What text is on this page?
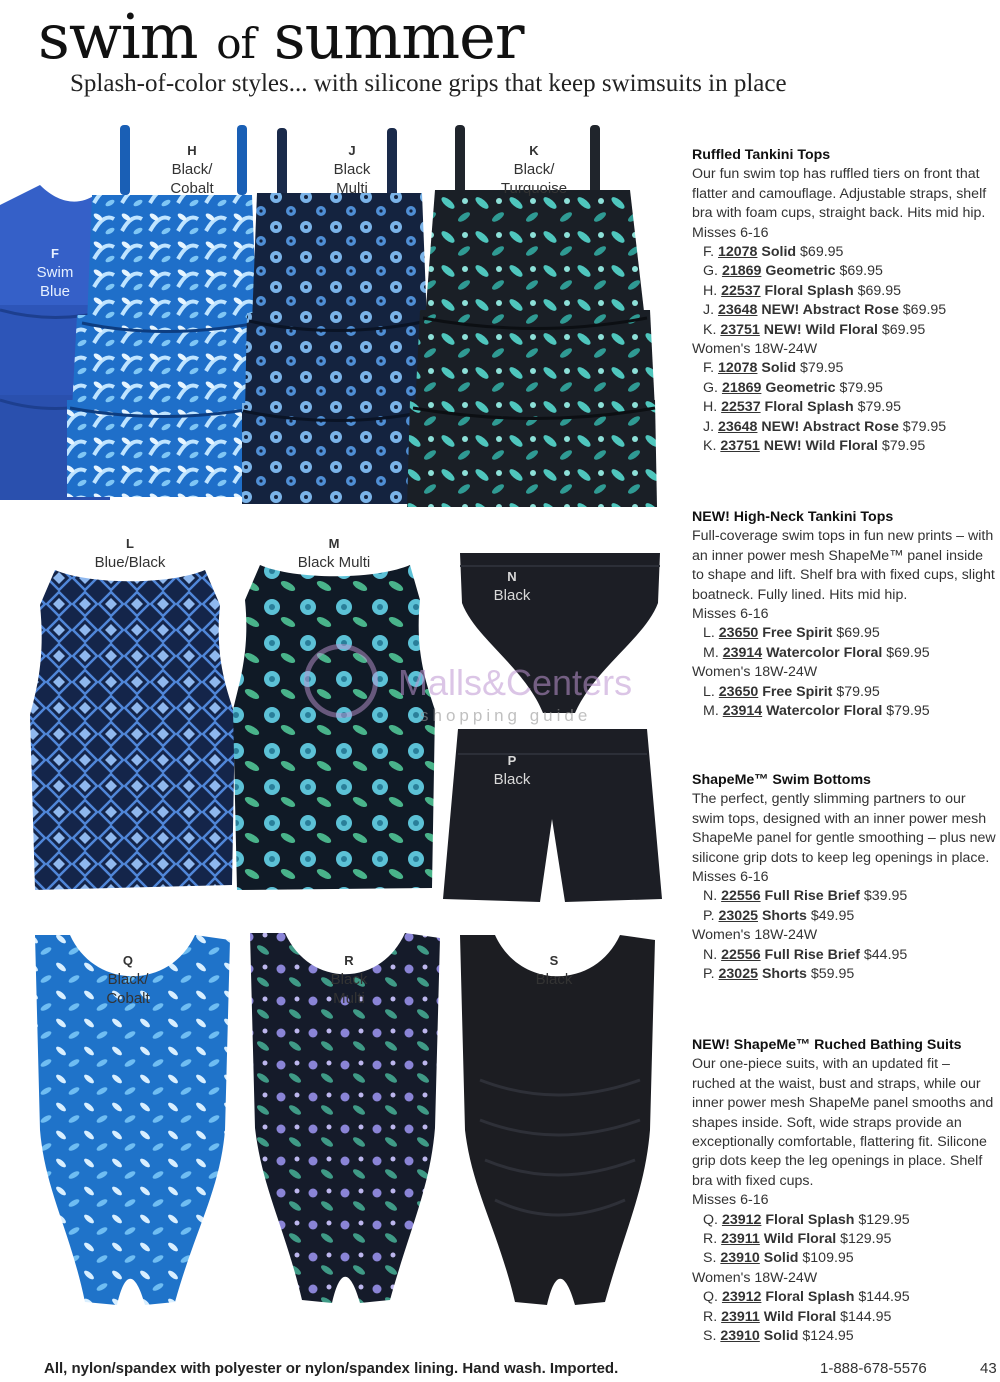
swim of summer
Splash-of-color styles... with silicone grips that keep swimsuits in place
F
Swim
Blue
H
Black/
Cobalt
J
Black
Multi
K
Black/
Turquoise
L
Blue/Black
M
Black Multi
N
Black
P
Black
Q
Black/
Cobalt
R
Black
Multi
S
Black
Malls&Centers
shopping guide
Ruffled Tankini Tops
Our fun swim top has ruffled tiers on front that flatter and camouflage. Adjustable straps, shelf bra with foam cups, straight back. Hits mid hip.
Misses 6-16
F. 12078 Solid $69.95
G. 21869 Geometric $69.95
H. 22537 Floral Splash $69.95
J. 23648 NEW! Abstract Rose $69.95
K. 23751 NEW! Wild Floral $69.95
Women's 18W-24W
F. 12078 Solid $79.95
G. 21869 Geometric $79.95
H. 22537 Floral Splash $79.95
J. 23648 NEW! Abstract Rose $79.95
K. 23751 NEW! Wild Floral $79.95
NEW! High-Neck Tankini Tops
Full-coverage swim tops in fun new prints – with an inner power mesh ShapeMe™ panel inside to shape and lift. Shelf bra with fixed cups, slight boatneck. Fully lined. Hits mid hip.
Misses 6-16
L. 23650 Free Spirit $69.95
M. 23914 Watercolor Floral $69.95
Women's 18W-24W
L. 23650 Free Spirit $79.95
M. 23914 Watercolor Floral $79.95
ShapeMe™ Swim Bottoms
The perfect, gently slimming partners to our swim tops, designed with an inner power mesh ShapeMe panel for gentle smoothing – plus new silicone grip dots to keep leg openings in place.
Misses 6-16
N. 22556 Full Rise Brief $39.95
P. 23025 Shorts $49.95
Women's 18W-24W
N. 22556 Full Rise Brief $44.95
P. 23025 Shorts $59.95
NEW! ShapeMe™ Ruched Bathing Suits
Our one-piece suits, with an updated fit – ruched at the waist, bust and straps, while our inner power mesh ShapeMe panel smooths and shapes inside. Soft, wide straps provide an exceptionally comfortable, flattering fit. Silicone grip dots keep the leg openings in place. Shelf bra with fixed cups.
Misses 6-16
Q. 23912 Floral Splash $129.95
R. 23911 Wild Floral $129.95
S. 23910 Solid $109.95
Women's 18W-24W
Q. 23912 Floral Splash $144.95
R. 23911 Wild Floral $144.95
S. 23910 Solid $124.95
All, nylon/spandex with polyester or nylon/spandex lining. Hand wash. Imported.	1-888-678-5576	43
